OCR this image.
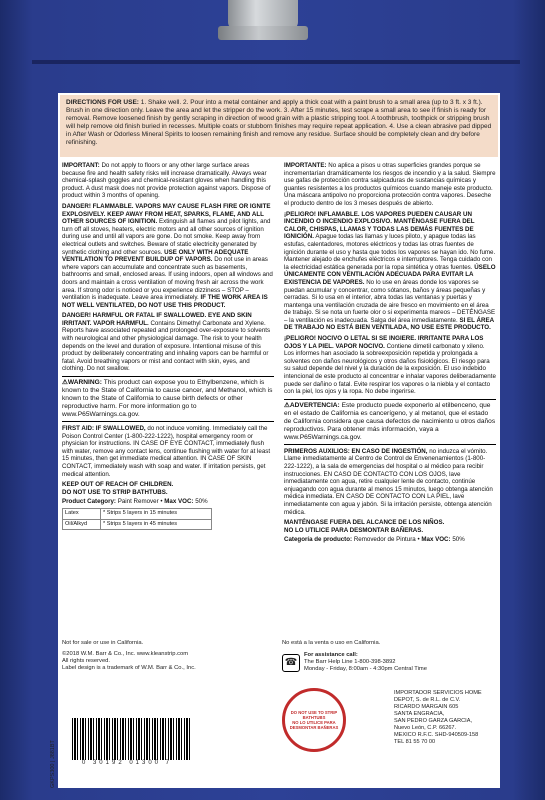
DIRECTIONS FOR USE: 1. Shake well. 2. Pour into a metal container and apply a thick coat with a paint brush to a small area (up to 3 ft. x 3 ft.). Brush in one direction only. Leave the area and let the stripper do the work. 3. After 15 minutes, test scrape a small area to see if finish is ready for removal. Remove loosened finish by gently scraping in direction of wood grain with a plastic stripping tool. A toothbrush, toothpick or stripping brush will help remove old finish buried in recesses. Multiple coats or stubborn finishes may require repeat application. 4. Use a clean abrasive pad dipped in After Wash or Odorless Mineral Spirits to loosen remaining finish and remove any residue. Surface should be completely clean and dry before refinishing.

IMPORTANT: Do not apply to floors or any other large surface areas because fire and health safety risks will increase dramatically. Always wear chemical-splash goggles and chemical-resistant gloves when handling this product. A dust mask does not provide protection against vapors. Dispose of product within 3 months of opening.

DANGER! FLAMMABLE. VAPORS MAY CAUSE FLASH FIRE OR IGNITE EXPLOSIVELY. KEEP AWAY FROM HEAT, SPARKS, FLAME, AND ALL OTHER SOURCES OF IGNITION. Extinguish all flames and pilot lights, and turn off all stoves, heaters, electric motors and all other sources of ignition during use and until all vapors are gone. Do not smoke. Keep away from electrical outlets and switches. Beware of static electricity generated by synthetic clothing and other sources. USE ONLY WITH ADEQUATE VENTILATION TO PREVENT BUILDUP OF VAPORS. Do not use in areas where vapors can accumulate and concentrate such as basements, bathrooms and small, enclosed areas. If using indoors, open all windows and doors and maintain a cross ventilation of moving fresh air across the work area. If strong odor is noticed or you experience dizziness – STOP – ventilation is inadequate. Leave area immediately. IF THE WORK AREA IS NOT WELL VENTILATED, DO NOT USE THIS PRODUCT.

DANGER! HARMFUL OR FATAL IF SWALLOWED. EYE AND SKIN IRRITANT. VAPOR HARMFUL. Contains Dimethyl Carbonate and Xylene. Reports have associated repeated and prolonged over-exposure to solvents with neurological and other physiological damage. The risk to your health depends on the level and duration of exposure. Intentional misuse of this product by deliberately concentrating and inhaling vapors can be harmful or fatal. Avoid breathing vapors or mist and contact with skin, eyes, and clothing. Do not swallow.

⚠WARNING: This product can expose you to Ethylbenzene, which is known to the State of California to cause cancer, and Methanol, which is known to the State of California to cause birth defects or other reproductive harm. For more information go to www.P65Warnings.ca.gov.

FIRST AID: IF SWALLOWED, do not induce vomiting. Immediately call the Poison Control Center (1-800-222-1222), hospital emergency room or physician for instructions. IN CASE OF EYE CONTACT, immediately flush with water, remove any contact lens, continue flushing with water for at least 15 minutes, then get immediate medical attention. IN CASE OF SKIN CONTACT, immediately wash with soap and water. If irritation persists, get medical attention.

KEEP OUT OF REACH OF CHILDREN.

DO NOT USE TO STRIP BATHTUBS.

Product Category: Paint Remover • Max VOC: 50%

Latex	* Strips 5 layers in 15 minutes
Oil/Alkyd	* Strips 5 layers in 45 minutes

IMPORTANTE: No aplica a pisos u otras superficies grandes porque se incrementarían dramáticamente los riesgos de incendio y a la salud. Siempre use gafas de protección contra salpicaduras de sustancias químicas y guantes resistentes a los productos químicos cuando maneje este producto. Una máscara antipolvo no proporciona protección contra vapores. Deseche el producto dentro de los 3 meses después de abierto.

¡PELIGRO! INFLAMABLE. LOS VAPORES PUEDEN CAUSAR UN INCENDIO O INCENDIO EXPLOSIVO. MANTÉNGASE FUERA DEL CALOR, CHISPAS, LLAMAS Y TODAS LAS DEMÁS FUENTES DE IGNICIÓN. Apague todas las llamas y luces piloto, y apague todas las estufas, calentadores, motores eléctricos y todas las otras fuentes de ignición durante el uso y hasta que todos los vapores se hayan ido. No fume. Mantener alejado de enchufes eléctricos e interruptores. Tenga cuidado con la electricidad estática generada por la ropa sintética y otras fuentes. ÚSELO ÚNICAMENTE CON VENTILACIÓN ADECUADA PARA EVITAR LA EXISTENCIA DE VAPORES. No lo use en áreas donde los vapores se puedan acumular y concentrar, como sótanos, baños y áreas pequeñas y cerradas. Si lo usa en el interior, abra todas las ventanas y puertas y mantenga una ventilación cruzada de aire fresco en movimiento en el área de trabajo. Si se nota un fuerte olor o si experimenta mareos – DETÉNGASE – la ventilación es inadecuada. Salga del área inmediatamente. SI EL ÁREA DE TRABAJO NO ESTÁ BIEN VENTILADA, NO USE ESTE PRODUCTO.

¡PELIGRO! NOCIVO O LETAL SI SE INGIERE. IRRITANTE PARA LOS OJOS Y LA PIEL. VAPOR NOCIVO. Contiene dimetil carbonato y xileno. Los informes han asociado la sobreexposición repetida y prolongada a solventes con daños neurológicos y otros daños fisiológicos. El riesgo para su salud depende del nivel y la duración de la exposición. El uso indebido intencional de este producto al concentrar e inhalar vapores deliberadamente puede ser dañino o fatal. Evite respirar los vapores o la niebla y el contacto con la piel, los ojos y la ropa. No debe ingerirse.

⚠ADVERTENCIA: Este producto puede exponerlo al etilbenceno, que en el estado de California es cancerígeno, y al metanol, que el estado de California considera que causa defectos de nacimiento u otros daños reproductivos. Para obtener más información, vaya a www.P65Warnings.ca.gov.

PRIMEROS AUXILIOS: EN CASO DE INGESTIÓN, no induzca el vómito. Llame inmediatamente al Centro de Control de Envenenamientos (1-800-222-1222), a la sala de emergencias del hospital o al médico para recibir instrucciones. EN CASO DE CONTACTO CON LOS OJOS, lave inmediatamente con agua, retire cualquier lente de contacto, continúe enjuagando con agua durante al menos 15 minutos, luego obtenga atención médica inmediata. EN CASO DE CONTACTO CON LA PIEL, lave inmediatamente con agua y jabón. Si la irritación persiste, obtenga atención médica.

MANTÉNGASE FUERA DEL ALCANCE DE LOS NIÑOS.

NO LO UTILICE PARA DESMONTAR BAÑERAS.

Categoría de producto: Removedor de Pintura • Max VOC: 50%

Not for sale or use in California.
©2018 W.M. Barr & Co., Inc. www.kleanstrip.com
All rights reserved.
Label design is a trademark of W.M. Barr & Co., Inc.
0 30192 01300 7
GKPS300 | J881BT
No está a la venta o uso en California.
☎
For assistance call:
The Barr Help Line 1-800-398-3892
Monday - Friday, 8:00am - 4:30pm Central Time
DO NOT USE TO STRIP BATHTUBS
NO LO UTILICE PARA DESMONTAR BAÑERAS
IMPORTADOR SERVICIOS HOME
DEPOT, S. de R.L. de C.V.
RICARDO MARGAIN 605
SANTA ENGRACIA,
SAN PEDRO GARZA GARCIA,
Nuevo León, C.P. 66267.
MEXICO R.F.C. SHD-940509-158
TEL 81 55 70 00
